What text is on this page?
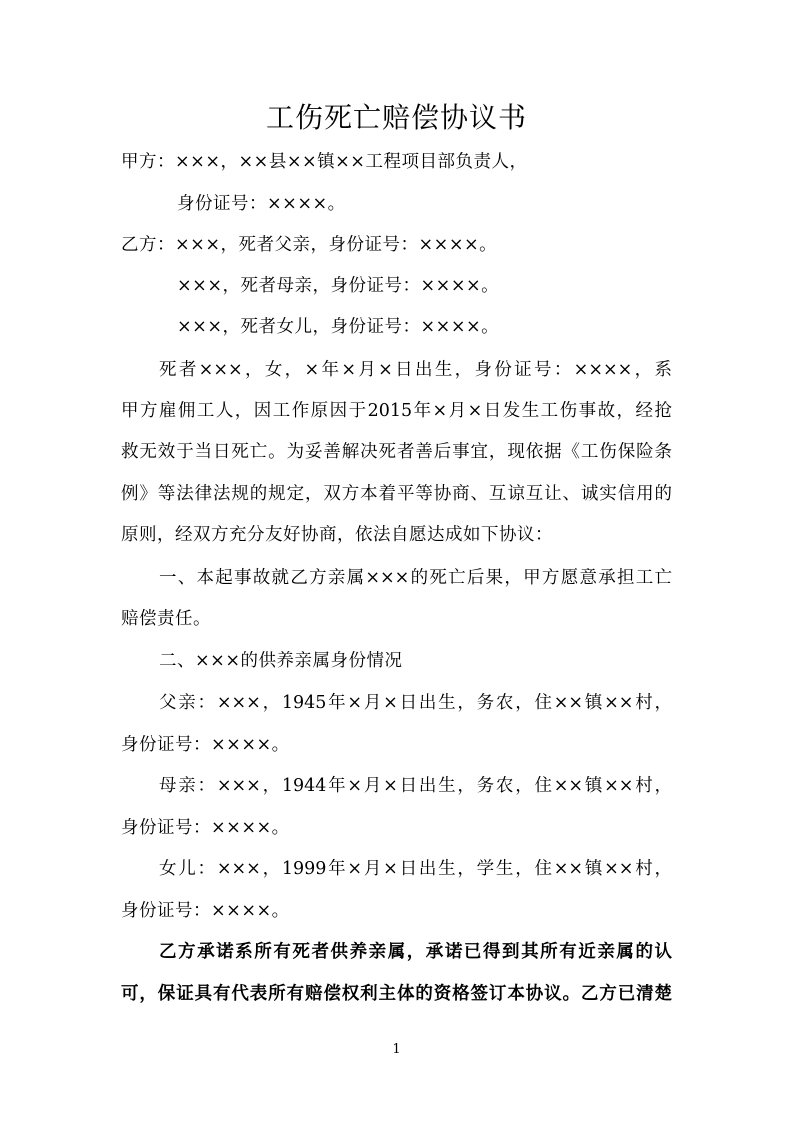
工伤死亡赔偿协议书
甲方：×××，××县××镇××工程项目部负责人，
身份证号：××××。
乙方：×××，死者父亲，身份证号：××××。
×××，死者母亲，身份证号：××××。
×××，死者女儿，身份证号：××××。
死者×××，女，×年×月×日出生，身份证号：××××，系
甲方雇佣工人，因工作原因于2015年×月×日发生工伤事故，经抢
救无效于当日死亡。为妥善解决死者善后事宜，现依据《工伤保险条
例》等法律法规的规定，双方本着平等协商、互谅互让、诚实信用的
原则，经双方充分友好协商，依法自愿达成如下协议：
一、本起事故就乙方亲属×××的死亡后果，甲方愿意承担工亡
赔偿责任。
二、×××的供养亲属身份情况
父亲：×××，1945年×月×日出生，务农，住××镇××村，
身份证号：××××。
母亲：×××，1944年×月×日出生，务农，住××镇××村，
身份证号：××××。
女儿：×××，1999年×月×日出生，学生，住××镇××村，
身份证号：××××。
乙方承诺系所有死者供养亲属，承诺已得到其所有近亲属的认
可，保证具有代表所有赔偿权利主体的资格签订本协议。乙方已清楚
1
